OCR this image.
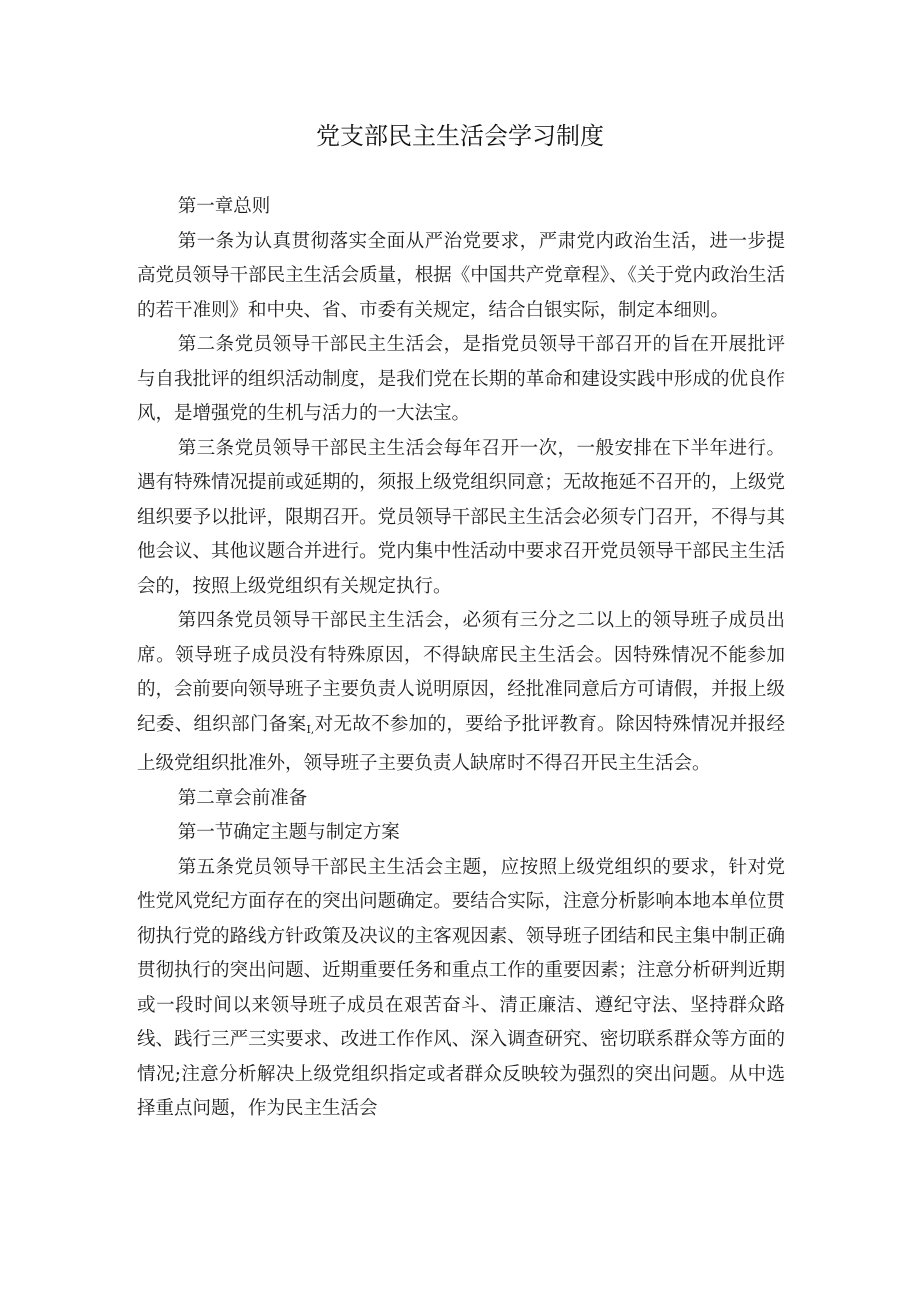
党支部民主生活会学习制度

第一章总则

第一条为认真贯彻落实全面从严治党要求，严肃党内政治生活，进一步提高党员领导干部民主生活会质量，根据《中国共产党章程》、《关于党内政治生活的若干准则》和中央、省、市委有关规定，结合白银实际，制定本细则。

第二条党员领导干部民主生活会，是指党员领导干部召开的旨在开展批评与自我批评的组织活动制度，是我们党在长期的革命和建设实践中形成的优良作风，是增强党的生机与活力的一大法宝。

第三条党员领导干部民主生活会每年召开一次，一般安排在下半年进行。遇有特殊情况提前或延期的，须报上级党组织同意；无故拖延不召开的，上级党组织要予以批评，限期召开。党员领导干部民主生活会必须专门召开，不得与其他会议、其他议题合并进行。党内集中性活动中要求召开党员领导干部民主生活会的，按照上级党组织有关规定执行。

第四条党员领导干部民主生活会，必须有三分之二以上的领导班子成员出席。领导班子成员没有特殊原因，不得缺席民主生活会。因特殊情况不能参加的，会前要向领导班子主要负责人说明原因，经批准同意后方可请假，并报上级纪委、组织部门备案$_{I,}$对无故不参加的，要给予批评教育。除因特殊情况并报经上级党组织批准外，领导班子主要负责人缺席时不得召开民主生活会。

第二章会前准备

第一节确定主题与制定方案

第五条党员领导干部民主生活会主题，应按照上级党组织的要求，针对党性党风党纪方面存在的突出问题确定。要结合实际，注意分析影响本地本单位贯彻执行党的路线方针政策及决议的主客观因素、领导班子团结和民主集中制正确贯彻执行的突出问题、近期重要任务和重点工作的重要因素；注意分析研判近期或一段时间以来领导班子成员在艰苦奋斗、清正廉洁、遵纪守法、坚持群众路线、践行三严三实要求、改进工作作风、深入调查研究、密切联系群众等方面的情况;注意分析解决上级党组织指定或者群众反映较为强烈的突出问题。从中选择重点问题，作为民主生活会
